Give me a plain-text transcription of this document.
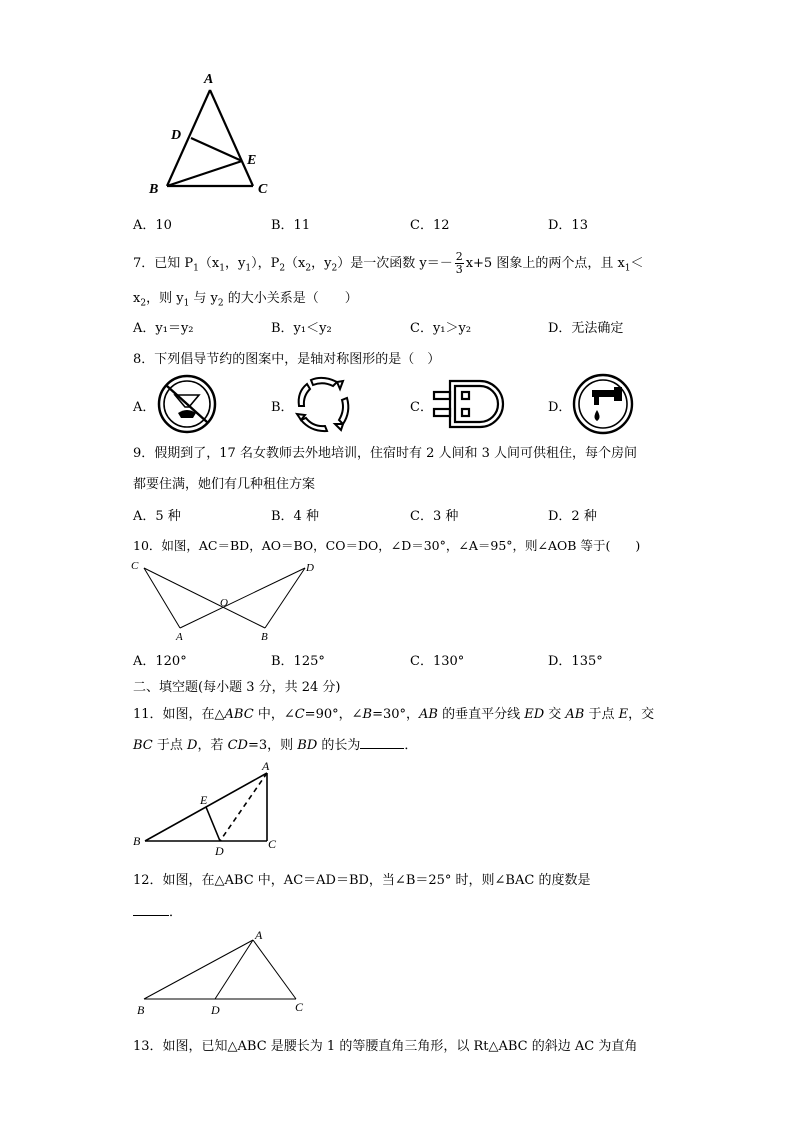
A
D
E
B	C
A．10	B．11	C．12	D．13
7．已知 $P_1(x_1$，$y_1$），$P_2(x_2$，$y_2$）是一次函数 $y=- \frac{2}{3} x+5$ 图象上的两个点，且 $x_1<$
$x_2$，则 $y_1$ 与 $y_2$ 的大小关系是（　　）
A．y₁＝y₂	B．y₁＜y₂	C．y₁＞y₂	D．无法确定
8．下列倡导节约的图案中，是轴对称图形的是（　）
A．	B．	C．	D．
9．假期到了，17 名女教师去外地培训，住宿时有 2 人间和 3 人间可供租住，每个房间
都要住满，她们有几种租住方案
A．5 种	B．4 种	C．3 种	D．2 种
10．如图，AC＝BD，AO＝BO，CO＝DO，∠D＝30°，∠A＝95°，则∠AOB 等于(　　)
C	D
O
A	B
A．120°	B．125°	C．130°	D．135°
二、填空题(每小题 3 分，共 24 分)
11．如图，在△ABC 中，∠C=90°，∠B=30°，AB 的垂直平分线 ED 交 AB 于点 E，交
BC 于点 D，若 CD=3，则 BD 的长为	．
A
E
B	C
D
12．如图，在△ABC 中，AC＝AD＝BD，当∠B＝25° 时，则∠BAC 的度数是
．
A
B	D	C
13．如图，已知△ABC 是腰长为 1 的等腰直角三角形，以 Rt△ABC 的斜边 AC 为直角
